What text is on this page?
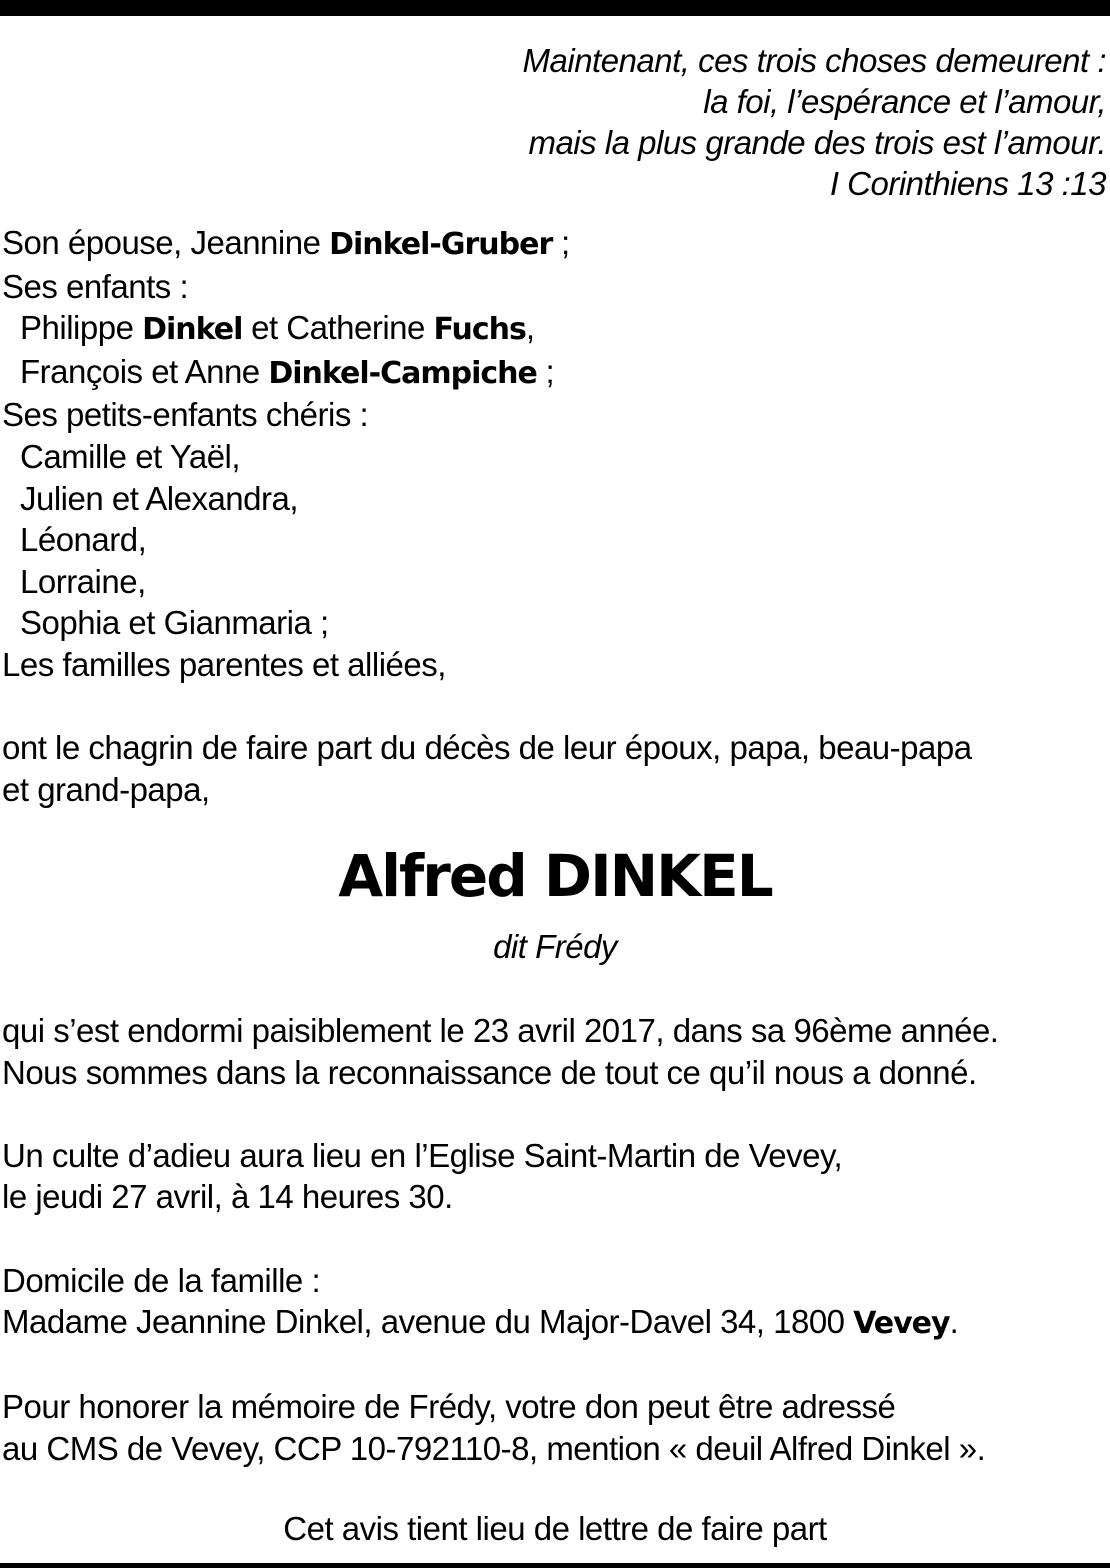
Maintenant, ces trois choses demeurent :
la foi, l’espérance et l’amour,
mais la plus grande des trois est l’amour.
I Corinthiens 13 :13
Son épouse, Jeannine Dinkel-Gruber ;
Ses enfants :
Philippe Dinkel et Catherine Fuchs,
François et Anne Dinkel-Campiche ;
Ses petits-enfants chéris :
Camille et Yaël,
Julien et Alexandra,
Léonard,
Lorraine,
Sophia et Gianmaria ;
Les familles parentes et alliées,
ont le chagrin de faire part du décès de leur époux, papa, beau-papa
et grand-papa,
Alfred DINKEL
dit Frédy
qui s’est endormi paisiblement le 23 avril 2017, dans sa 96ème année.
Nous sommes dans la reconnaissance de tout ce qu’il nous a donné.
Un culte d’adieu aura lieu en l’Eglise Saint-Martin de Vevey,
le jeudi 27 avril, à 14 heures 30.
Domicile de la famille :
Madame Jeannine Dinkel, avenue du Major-Davel 34, 1800 Vevey.
Pour honorer la mémoire de Frédy, votre don peut être adressé
au CMS de Vevey, CCP 10-792110-8, mention « deuil Alfred Dinkel ».
Cet avis tient lieu de lettre de faire part
